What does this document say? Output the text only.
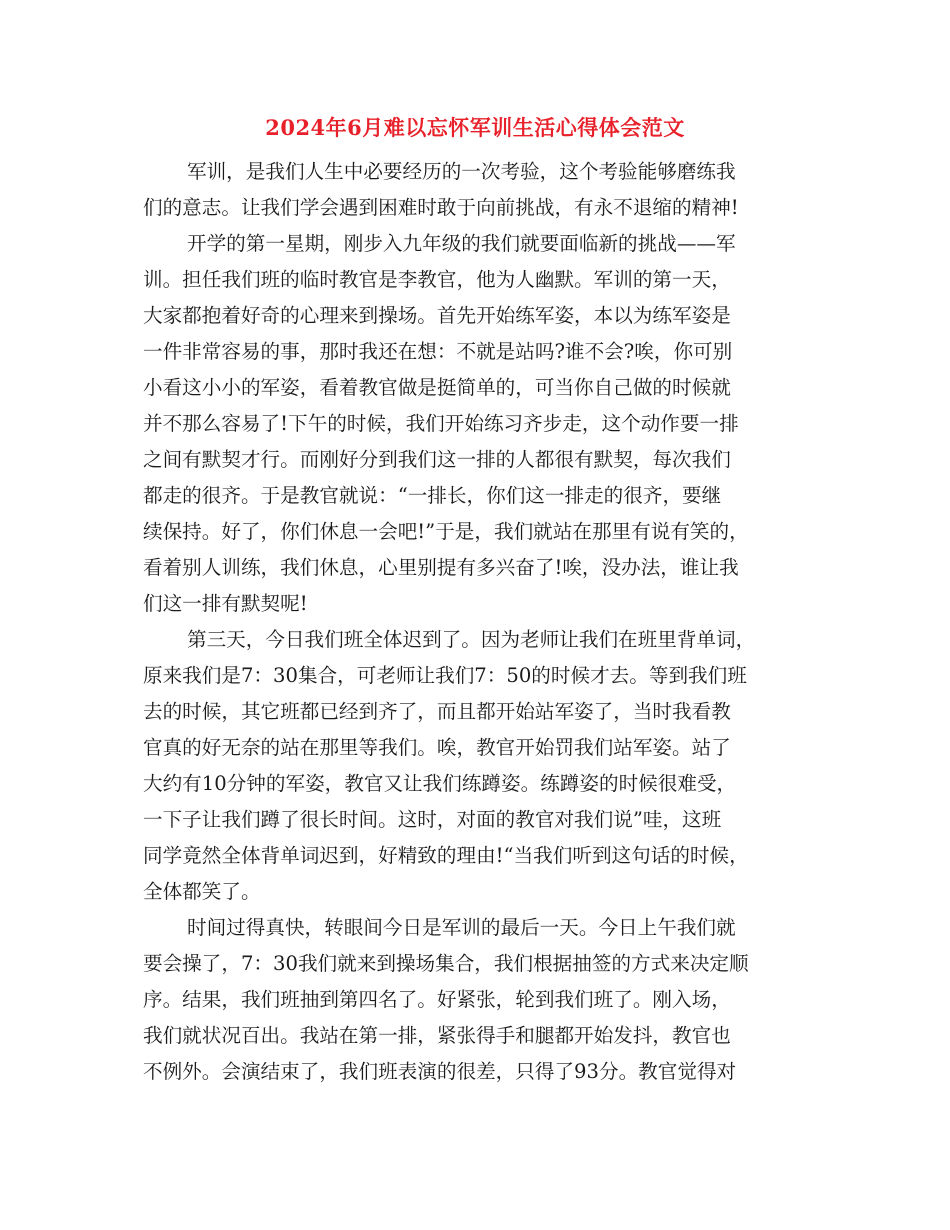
2024年6月难以忘怀军训生活心得体会范文
军训，是我们人生中必要经历的一次考验，这个考验能够磨练我
们的意志。让我们学会遇到困难时敢于向前挑战，有永不退缩的精神!
开学的第一星期，刚步入九年级的我们就要面临新的挑战——军
训。担任我们班的临时教官是李教官，他为人幽默。军训的第一天，
大家都抱着好奇的心理来到操场。首先开始练军姿，本以为练军姿是
一件非常容易的事，那时我还在想：不就是站吗?谁不会?唉，你可别
小看这小小的军姿，看着教官做是挺简单的，可当你自己做的时候就
并不那么容易了!下午的时候，我们开始练习齐步走，这个动作要一排
之间有默契才行。而刚好分到我们这一排的人都很有默契，每次我们
都走的很齐。于是教官就说：“一排长，你们这一排走的很齐，要继
续保持。好了，你们休息一会吧!”于是，我们就站在那里有说有笑的，
看着别人训练，我们休息，心里别提有多兴奋了!唉，没办法，谁让我
们这一排有默契呢!
第三天，今日我们班全体迟到了。因为老师让我们在班里背单词，
原来我们是7：30集合，可老师让我们7：50的时候才去。等到我们班
去的时候，其它班都已经到齐了，而且都开始站军姿了，当时我看教
官真的好无奈的站在那里等我们。唉，教官开始罚我们站军姿。站了
大约有10分钟的军姿，教官又让我们练蹲姿。练蹲姿的时候很难受，
一下子让我们蹲了很长时间。这时，对面的教官对我们说”哇，这班
同学竟然全体背单词迟到，好精致的理由!“当我们听到这句话的时候，
全体都笑了。
时间过得真快，转眼间今日是军训的最后一天。今日上午我们就
要会操了，7：30我们就来到操场集合，我们根据抽签的方式来决定顺
序。结果，我们班抽到第四名了。好紧张，轮到我们班了。刚入场，
我们就状况百出。我站在第一排，紧张得手和腿都开始发抖，教官也
不例外。会演结束了，我们班表演的很差，只得了93分。教官觉得对
